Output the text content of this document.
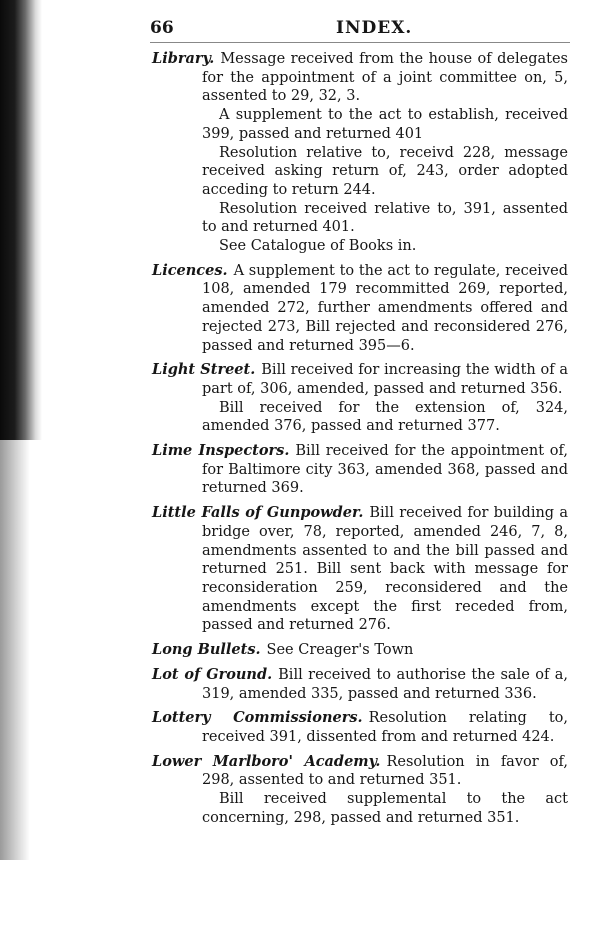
66	INDEX.

Library. Message received from the house of delegates for the appointment of a joint committee on, 5, assented to 29, 32, 3.

A supplement to the act to establish, received 399, passed and returned 401

Resolution relative to, receivd 228, message received asking return of, 243, order adopted acceding to return 244.

Resolution received relative to, 391, assented to and returned 401.

See Catalogue of Books in.

Licences. A supplement to the act to regulate, received 108, amended 179 recommitted 269, reported, amended 272, further amendments offered and rejected 273, Bill rejected and reconsidered 276, passed and returned 395—6.

Light Street. Bill received for increasing the width of a part of, 306, amended, passed and returned 356.

Bill received for the extension of, 324, amended 376, passed and returned 377.

Lime Inspectors. Bill received for the appointment of, for Baltimore city 363, amended 368, passed and returned 369.

Little Falls of Gunpowder. Bill received for building a bridge over, 78, reported, amended 246, 7, 8, amendments assented to and the bill passed and returned 251. Bill sent back with message for reconsideration 259, reconsidered and the amendments except the first receded from, passed and returned 276.

Long Bullets. See Creager's Town

Lot of Ground. Bill received to authorise the sale of a, 319, amended 335, passed and returned 336.

Lottery Commissioners. Resolution relating to, received 391, dissented from and returned 424.

Lower Marlboro' Academy. Resolution in favor of, 298, assented to and returned 351.

Bill received supplemental to the act concerning, 298, passed and returned 351.
